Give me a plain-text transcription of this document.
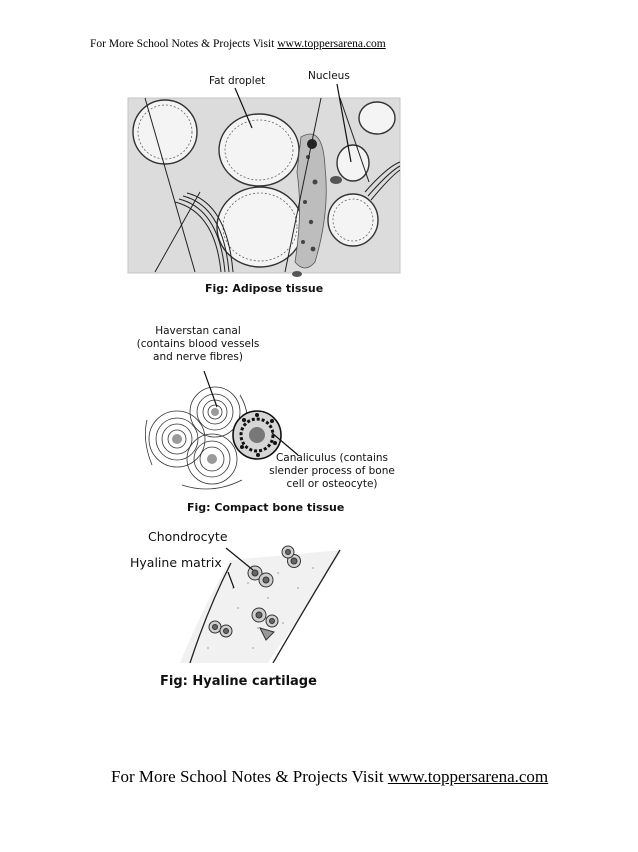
For More School Notes & Projects Visit www.toppersarena.com
Fat droplet	Nucleus
Fig: Adipose tissue
Haverstan canal
(contains blood vessels
and nerve fibres)
Canaliculus (contains
slender process of bone
cell or osteocyte)
Fig: Compact bone tissue
Chondrocyte
Hyaline matrix
Fig: Hyaline cartilage
For More School Notes & Projects Visit www.toppersarena.com
